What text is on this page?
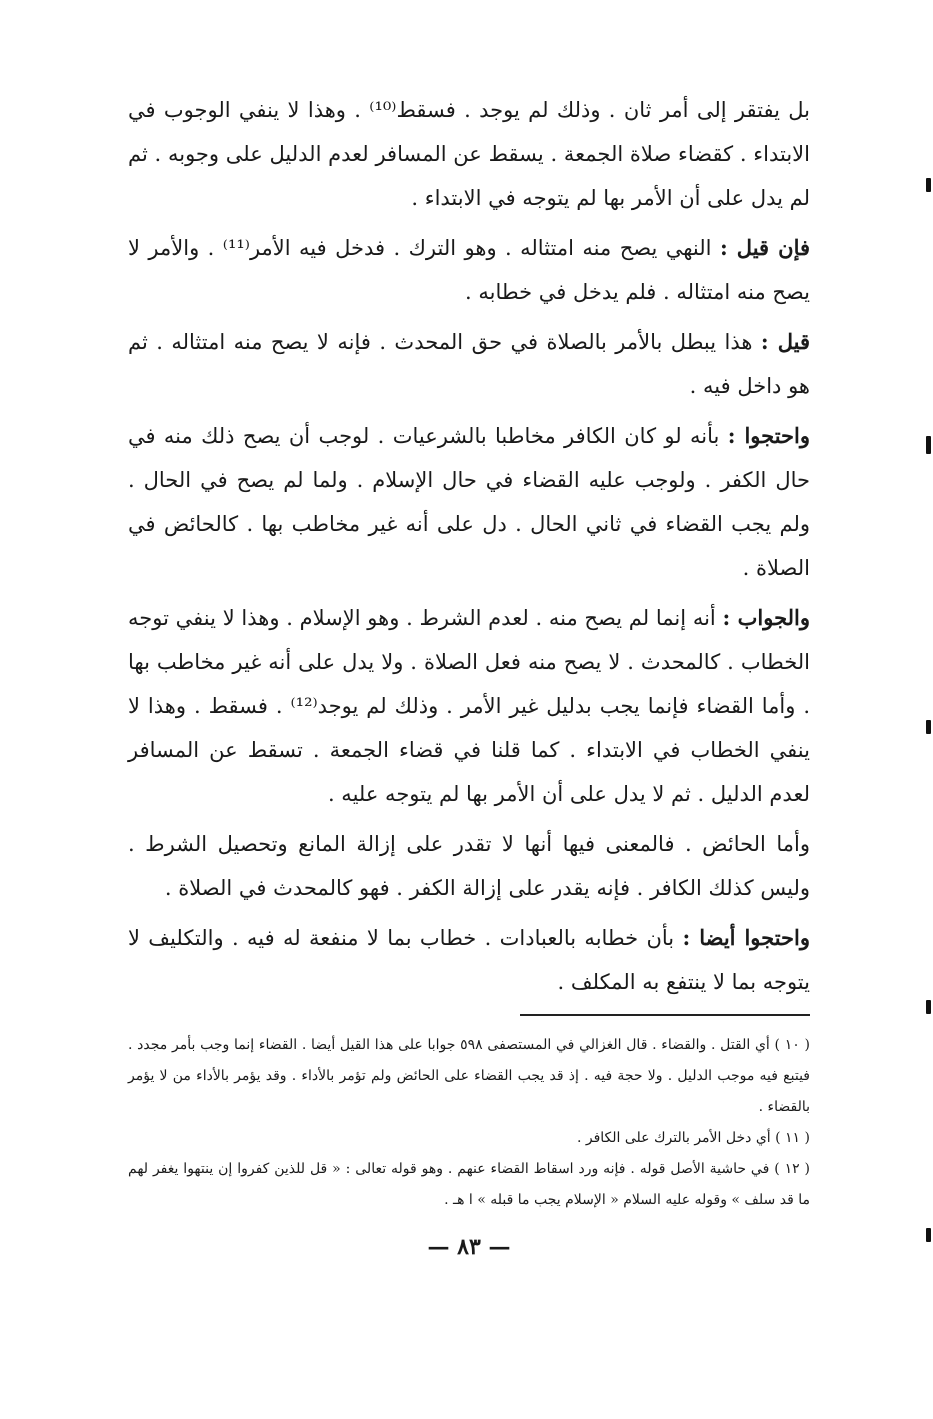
بل يفتقر إلى أمر ثان . وذلك لم يوجد . فسقط⁽¹⁰⁾ . وهذا لا ينفي الوجوب في الابتداء . كقضاء صلاة الجمعة . يسقط عن المسافر لعدم الدليل على وجوبه . ثم لم يدل على أن الأمر بها لم يتوجه في الابتداء .

فإن قيل : النهي يصح منه امتثاله . وهو الترك . فدخل فيه الأمر⁽¹¹⁾ . والأمر لا يصح منه امتثاله . فلم يدخل في خطابه .

قيل : هذا يبطل بالأمر بالصلاة في حق المحدث . فإنه لا يصح منه امتثاله . ثم هو داخل فيه .

واحتجوا : بأنه لو كان الكافر مخاطبا بالشرعيات . لوجب أن يصح ذلك منه في حال الكفر . ولوجب عليه القضاء في حال الإسلام . ولما لم يصح في الحال . ولم يجب القضاء في ثاني الحال . دل على أنه غير مخاطب بها . كالحائض في الصلاة .

والجواب : أنه إنما لم يصح منه . لعدم الشرط . وهو الإسلام . وهذا لا ينفي توجه الخطاب . كالمحدث . لا يصح منه فعل الصلاة . ولا يدل على أنه غير مخاطب بها . وأما القضاء فإنما يجب بدليل غير الأمر . وذلك لم يوجد⁽¹²⁾ . فسقط . وهذا لا ينفي الخطاب في الابتداء . كما قلنا في قضاء الجمعة . تسقط عن المسافر لعدم الدليل . ثم لا يدل على أن الأمر بها لم يتوجه عليه .

وأما الحائض . فالمعنى فيها أنها لا تقدر على إزالة المانع وتحصيل الشرط . وليس كذلك الكافر . فإنه يقدر على إزالة الكفر . فهو كالمحدث في الصلاة .

واحتجوا أيضا : بأن خطابه بالعبادات . خطاب بما لا منفعة له فيه . والتكليف لا يتوجه بما لا ينتفع به المكلف .

( ١٠ ) أي القتل . والقضاء . قال الغزالي في المستصفى ٥٩٨ جوابا على هذا القيل أيضا . القضاء إنما وجب بأمر مجدد . فيتبع فيه موجب الدليل . ولا حجة فيه . إذ قد يجب القضاء على الحائض ولم تؤمر بالأداء . وقد يؤمر بالأداء من لا يؤمر بالقضاء .

( ١١ ) أي دخل الأمر بالترك على الكافر .

( ١٢ ) في حاشية الأصل قوله . فإنه ورد اسقاط القضاء عنهم . وهو قوله تعالى : « قل للذين كفروا إن ينتهوا يغفر لهم ما قد سلف » وقوله عليه السلام « الإسلام يجب ما قبله » ا هـ .

— ٨٣ —
